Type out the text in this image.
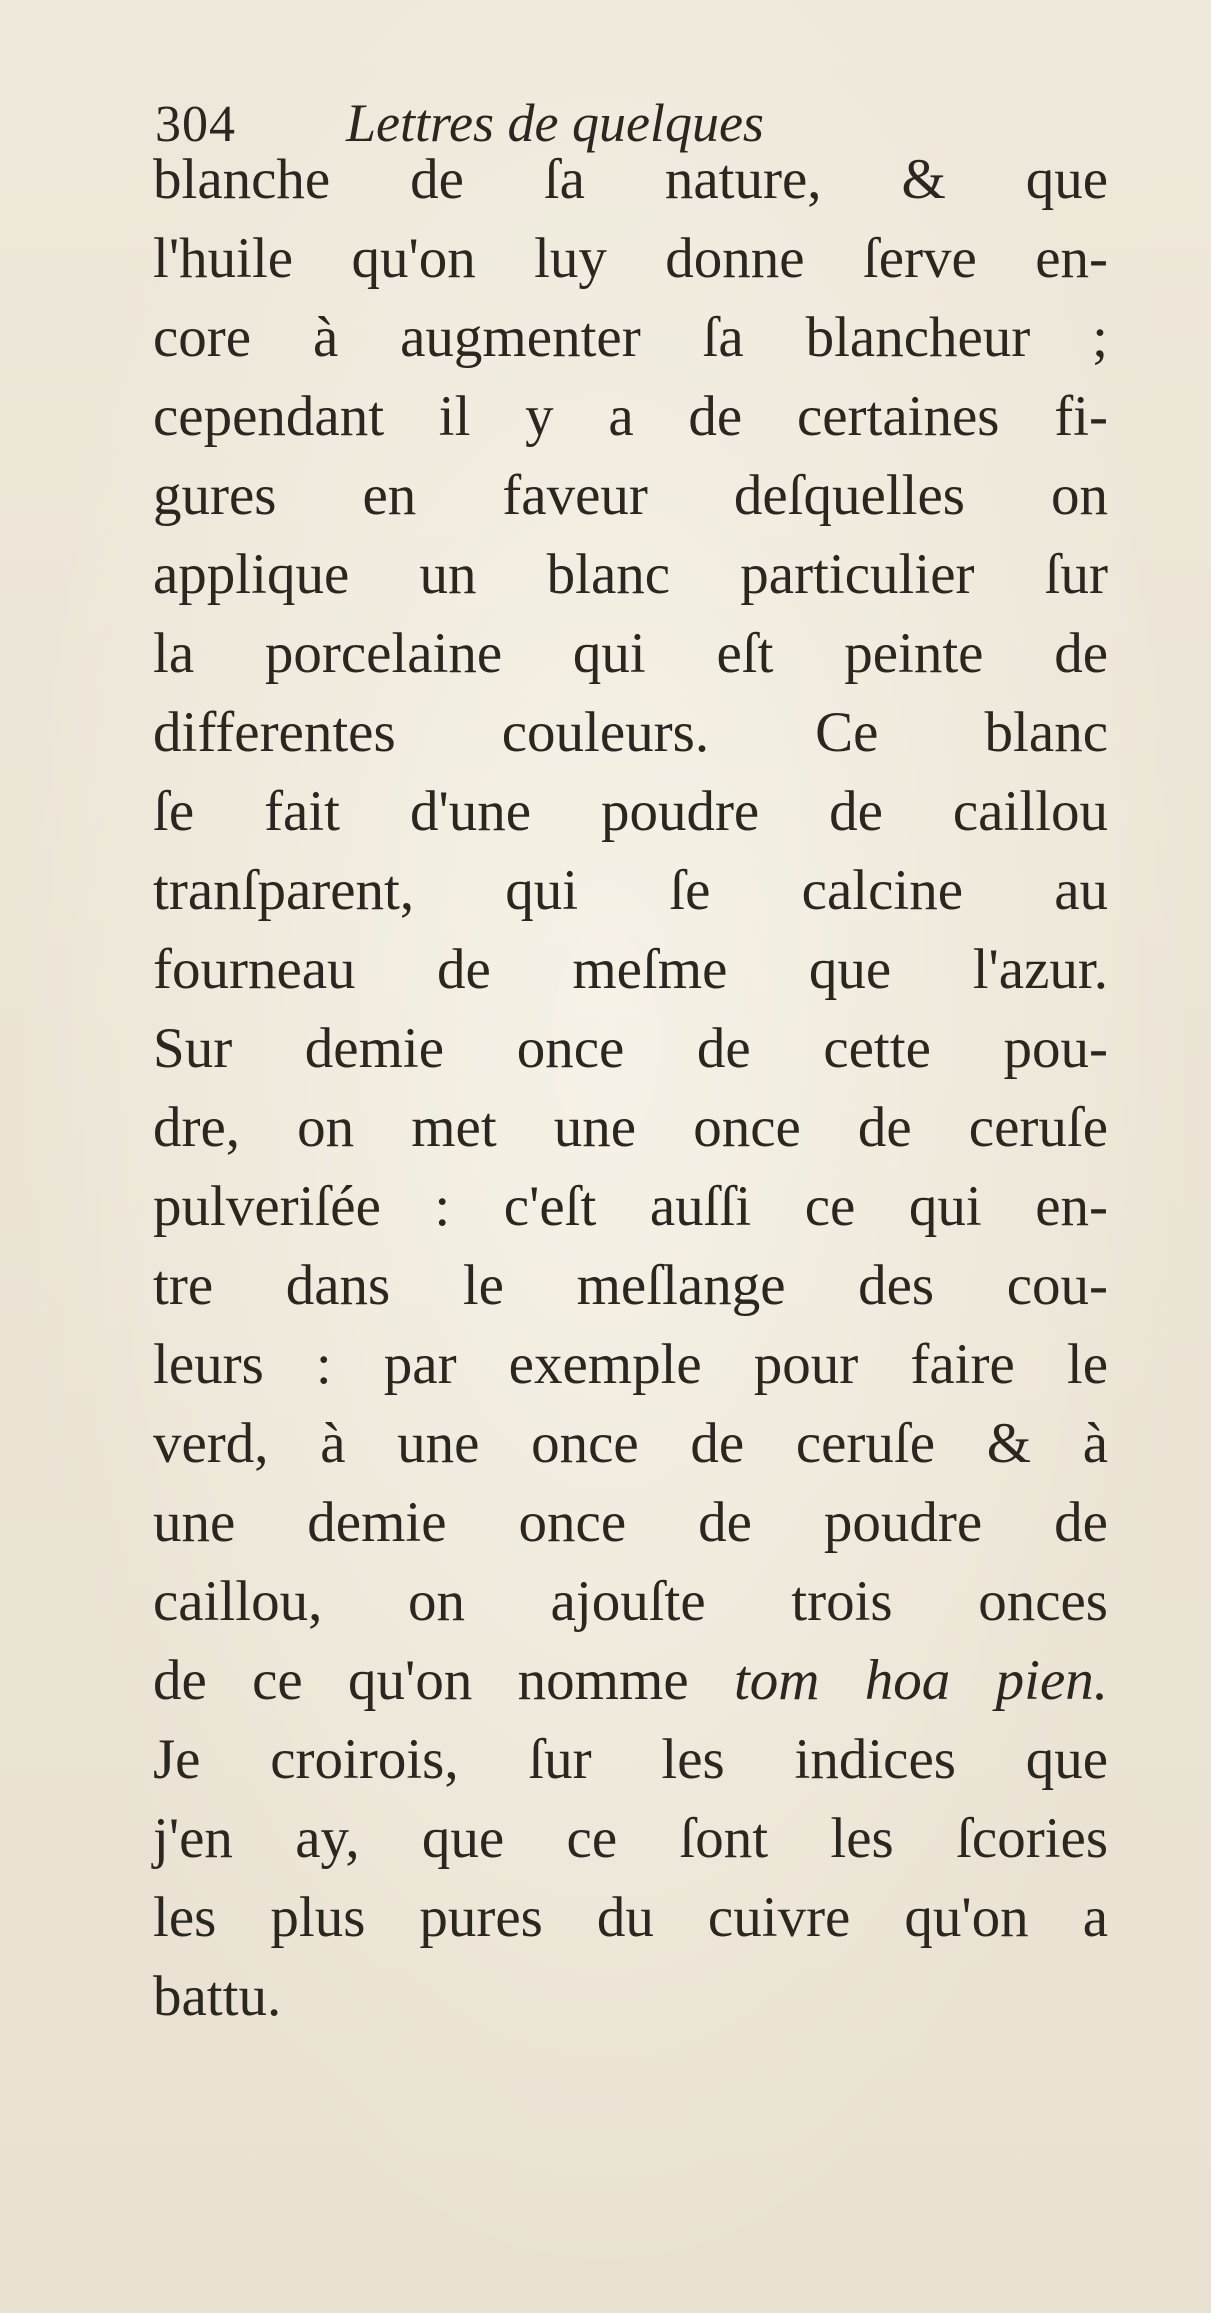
304 Lettres de quelques
blanche de ſa nature, & que
l'huile qu'on luy donne ſerve en-
core à augmenter ſa blancheur ;
cependant il y a de certaines fi-
gures en faveur deſquelles on
applique un blanc particulier ſur
la porcelaine qui eſt peinte de
differentes couleurs. Ce blanc
ſe fait d'une poudre de caillou
tranſparent, qui ſe calcine au
fourneau de meſme que l'azur.
Sur demie once de cette pou-
dre, on met une once de ceruſe
pulveriſée : c'eſt auſſi ce qui en-
tre dans le meſlange des cou-
leurs : par exemple pour faire le
verd, à une once de ceruſe & à
une demie once de poudre de
caillou, on ajouſte trois onces
de ce qu'on nomme tom hoa pien.
Je croirois, ſur les indices que
j'en ay, que ce ſont les ſcories
les plus pures du cuivre qu'on a
battu.
